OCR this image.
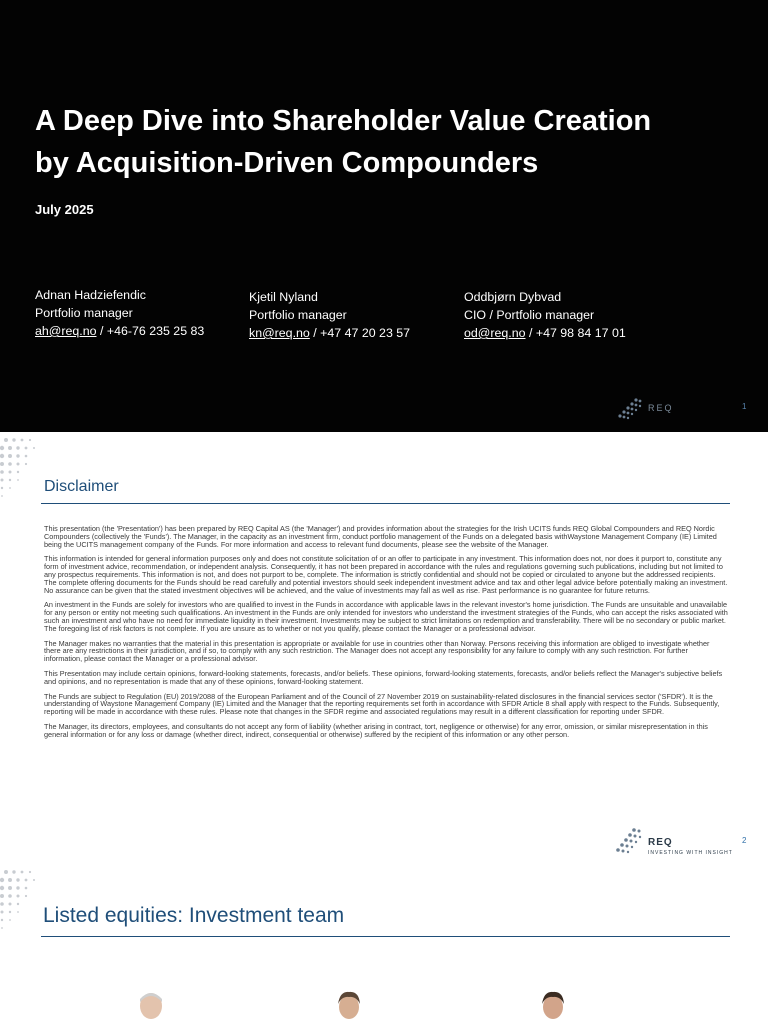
A Deep Dive into Shareholder Value Creation
by Acquisition-Driven Compounders
July 2025
Adnan Hadziefendic
Portfolio manager
ah@req.no / +46-76 235 25 83
Kjetil Nyland
Portfolio manager
kn@req.no / +47 47 20 23 57
Oddbjørn Dybvad
CIO / Portfolio manager
od@req.no / +47 98 84 17 01
REQ	1
Disclaimer

This presentation (the 'Presentation') has been prepared by REQ Capital AS (the 'Manager') and provides information about the strategies for the Irish UCITS funds REQ Global Compounders and REQ Nordic Compounders (collectively the 'Funds'). The Manager, in the capacity as an investment firm, conduct portfolio management of the Funds on a delegated basis withWaystone Management Company (IE) Limited being the UCITS management company of the Funds. For more information and access to relevant fund documents, please see the website of the Manager.

This information is intended for general information purposes only and does not constitute solicitation of or an offer to participate in any investment. This information does not, nor does it purport to, constitute any form of investment advice, recommendation, or independent analysis. Consequently, it has not been prepared in accordance with the rules and regulations governing such publications, including but not limited to any prospectus requirements. This information is not, and does not purport to be, complete. The information is strictly confidential and should not be copied or circulated to anyone but the addressed recipients. The complete offering documents for the Funds should be read carefully and potential investors should seek independent investment advice and tax and other legal advice before potentially making an investment. No assurance can be given that the stated investment objectives will be achieved, and the value of investments may fall as well as rise. Past performance is no guarantee for future returns.

An investment in the Funds are solely for investors who are qualified to invest in the Funds in accordance with applicable laws in the relevant investor's home jurisdiction. The Funds are unsuitable and unavailable for any person or entity not meeting such qualifications. An investment in the Funds are only intended for investors who understand the investment strategies of the Funds, who can accept the risks associated with such an investment and who have no need for immediate liquidity in their investment. Investments may be subject to strict limitations on redemption and transferability. There will be no secondary or public market. The foregoing list of risk factors is not complete. If you are unsure as to whether or not you qualify, please contact the Manager or a professional advisor.

The Manager makes no warranties that the material in this presentation is appropriate or available for use in countries other than Norway. Persons receiving this information are obliged to investigate whether there are any restrictions in their jurisdiction, and if so, to comply with any such restriction. The Manager does not accept any responsibility for any failure to comply with any such restriction. For further information, please contact the Manager or a professional advisor.

This Presentation may include certain opinions, forward-looking statements, forecasts, and/or beliefs. These opinions, forward-looking statements, forecasts, and/or beliefs reflect the Manager's subjective beliefs and opinions, and no representation is made that any of these opinions, forward-looking statement.

The Funds are subject to Regulation (EU) 2019/2088 of the European Parliament and of the Council of 27 November 2019 on sustainability-related disclosures in the financial services sector ('SFDR'). It is the understanding of Waystone Management Company (IE) Limited and the Manager that the reporting requirements set forth in accordance with SFDR Article 8 shall apply with respect to the Funds. Subsequently, reporting will be made in accordance with these rules. Please note that changes in the SFDR regime and associated regulations may result in a different classification for reporting under SFDR.

The Manager, its directors, employees, and consultants do not accept any form of liability (whether arising in contract, tort, negligence or otherwise) for any error, omission, or similar misrepresentation in this general information or for any loss or damage (whether direct, indirect, consequential or otherwise) suffered by the recipient of this information or any other person.

REQ
INVESTING WITH INSIGHT
2
Listed equities: Investment team
